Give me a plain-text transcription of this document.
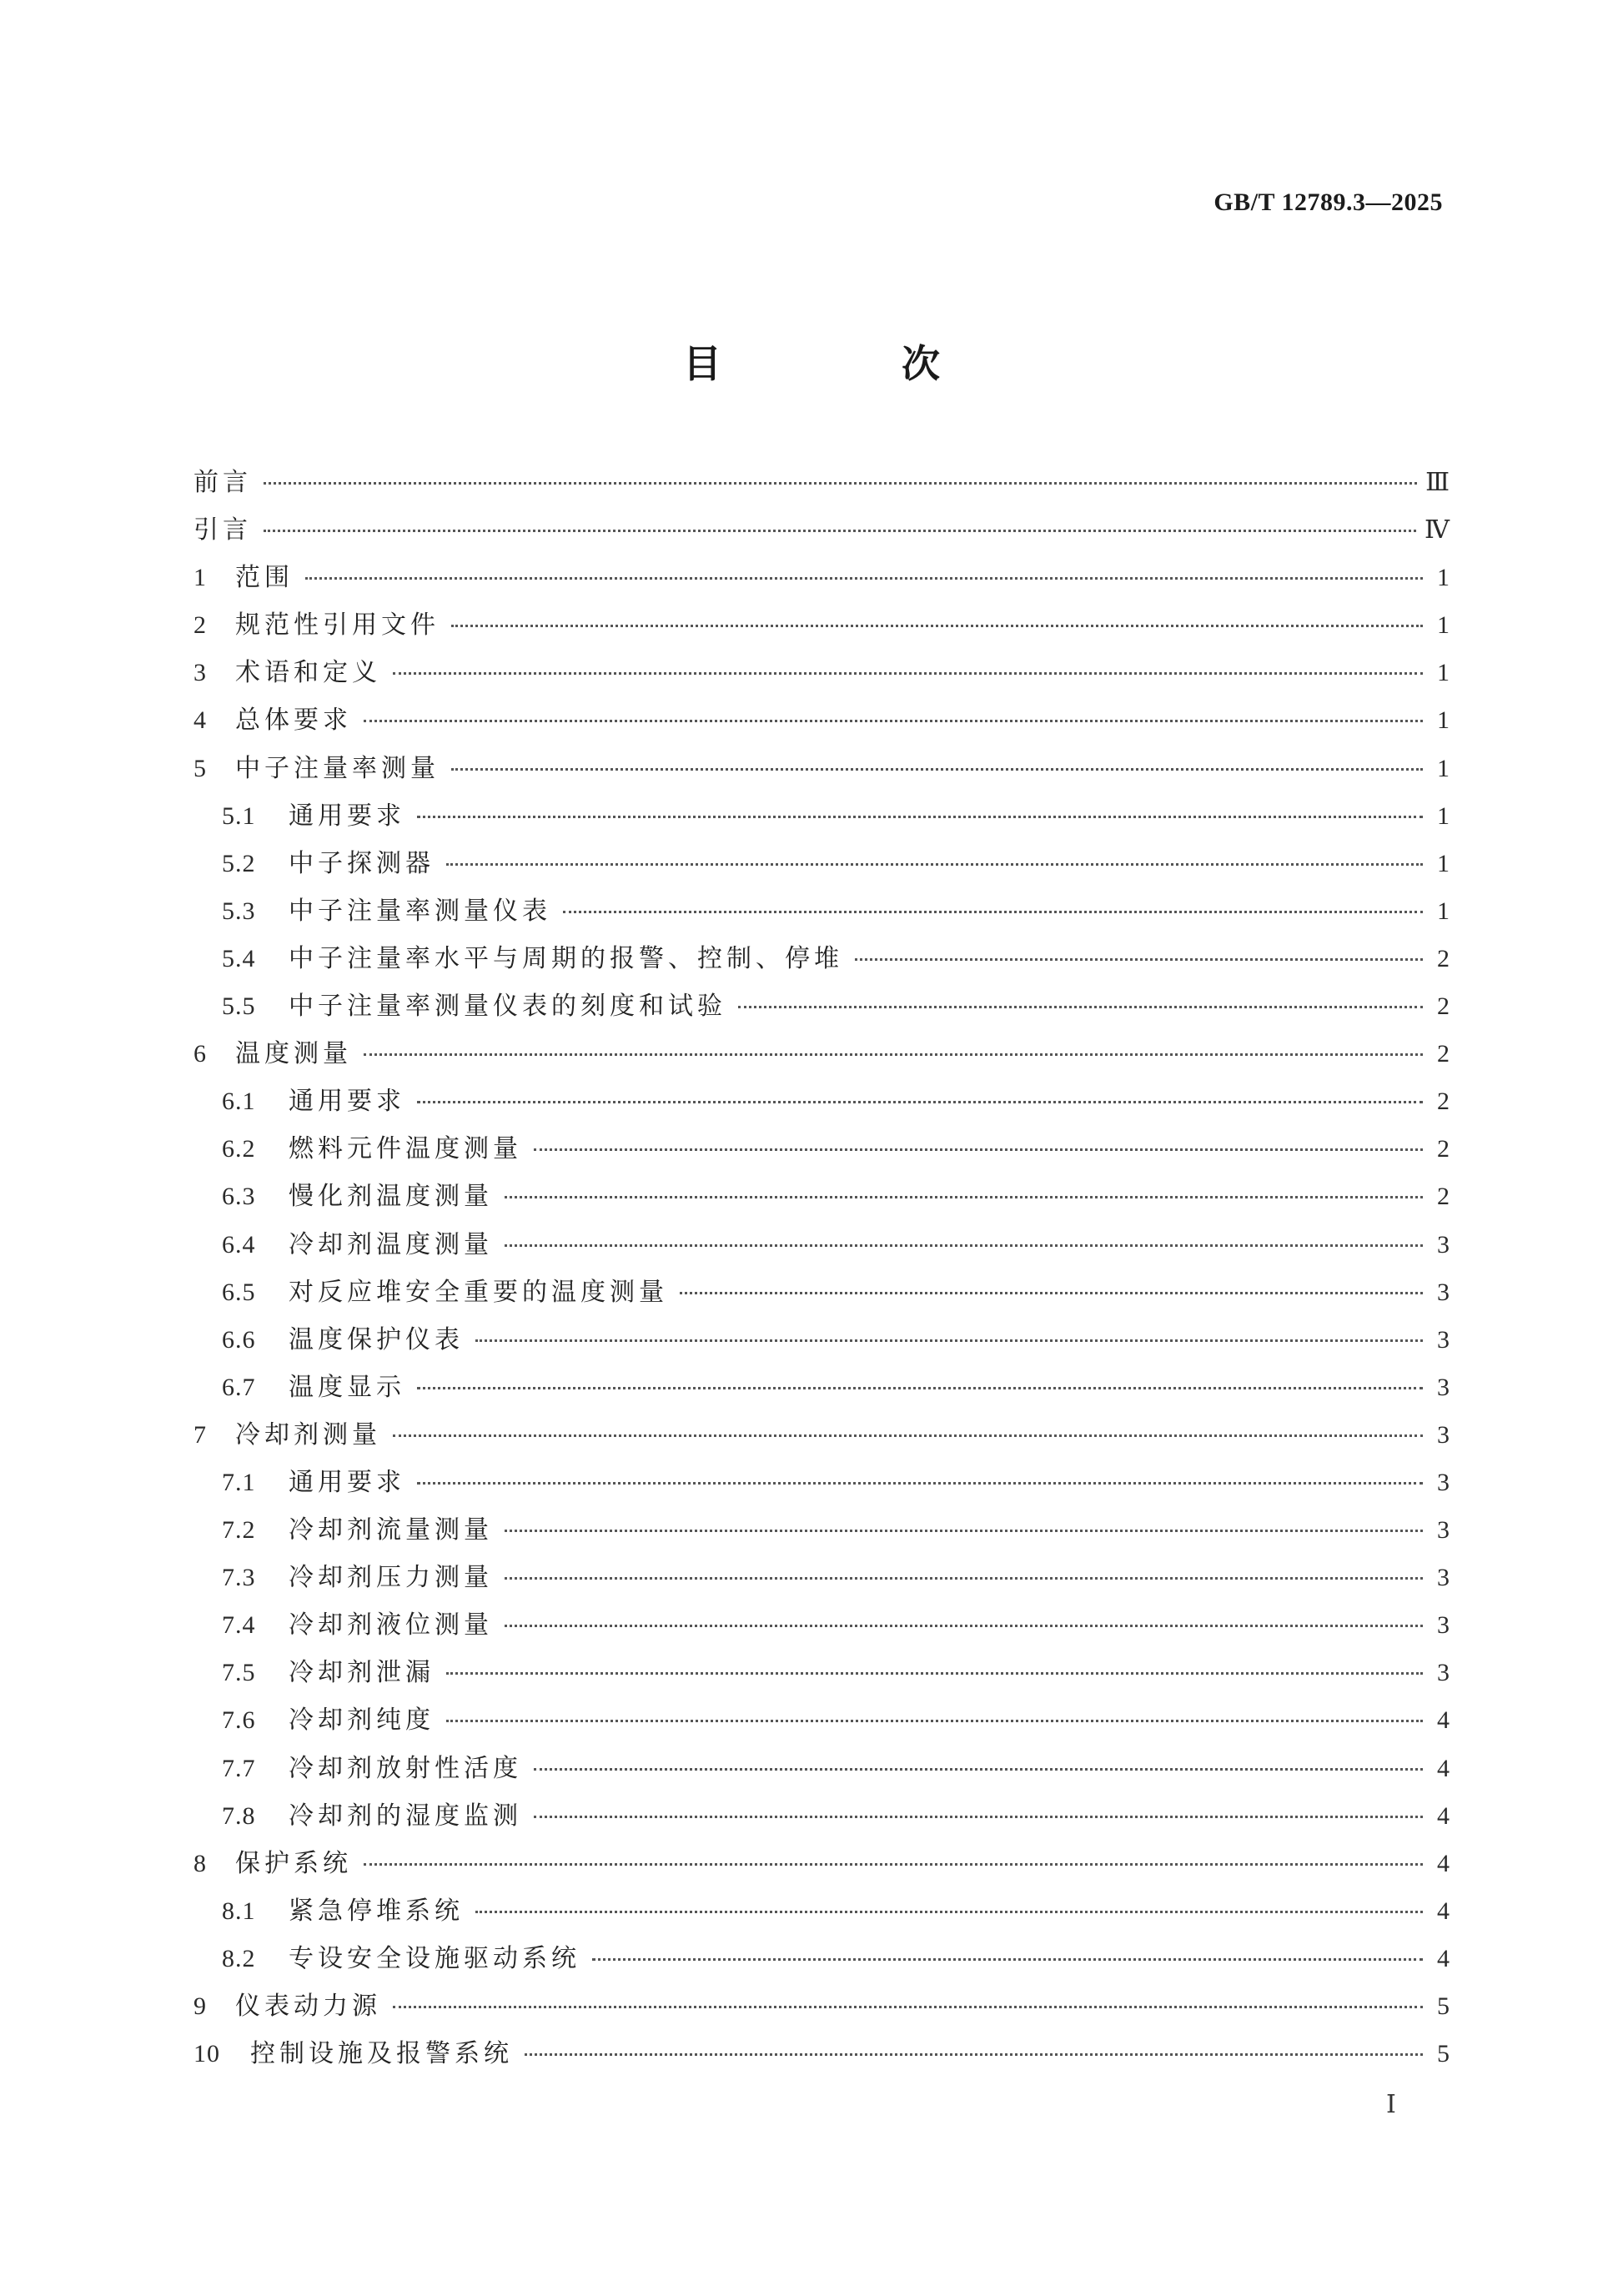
GB/T 12789.3—2025
目 次
前言	Ⅲ
引言	Ⅳ
1	范围	1
2	规范性引用文件	1
3	术语和定义	1
4	总体要求	1
5	中子注量率测量	1
5.1	通用要求	1
5.2	中子探测器	1
5.3	中子注量率测量仪表	1
5.4	中子注量率水平与周期的报警、控制、停堆	2
5.5	中子注量率测量仪表的刻度和试验	2
6	温度测量	2
6.1	通用要求	2
6.2	燃料元件温度测量	2
6.3	慢化剂温度测量	2
6.4	冷却剂温度测量	3
6.5	对反应堆安全重要的温度测量	3
6.6	温度保护仪表	3
6.7	温度显示	3
7	冷却剂测量	3
7.1	通用要求	3
7.2	冷却剂流量测量	3
7.3	冷却剂压力测量	3
7.4	冷却剂液位测量	3
7.5	冷却剂泄漏	3
7.6	冷却剂纯度	4
7.7	冷却剂放射性活度	4
7.8	冷却剂的湿度监测	4
8	保护系统	4
8.1	紧急停堆系统	4
8.2	专设安全设施驱动系统	4
9	仪表动力源	5
10	控制设施及报警系统	5
Ⅰ
